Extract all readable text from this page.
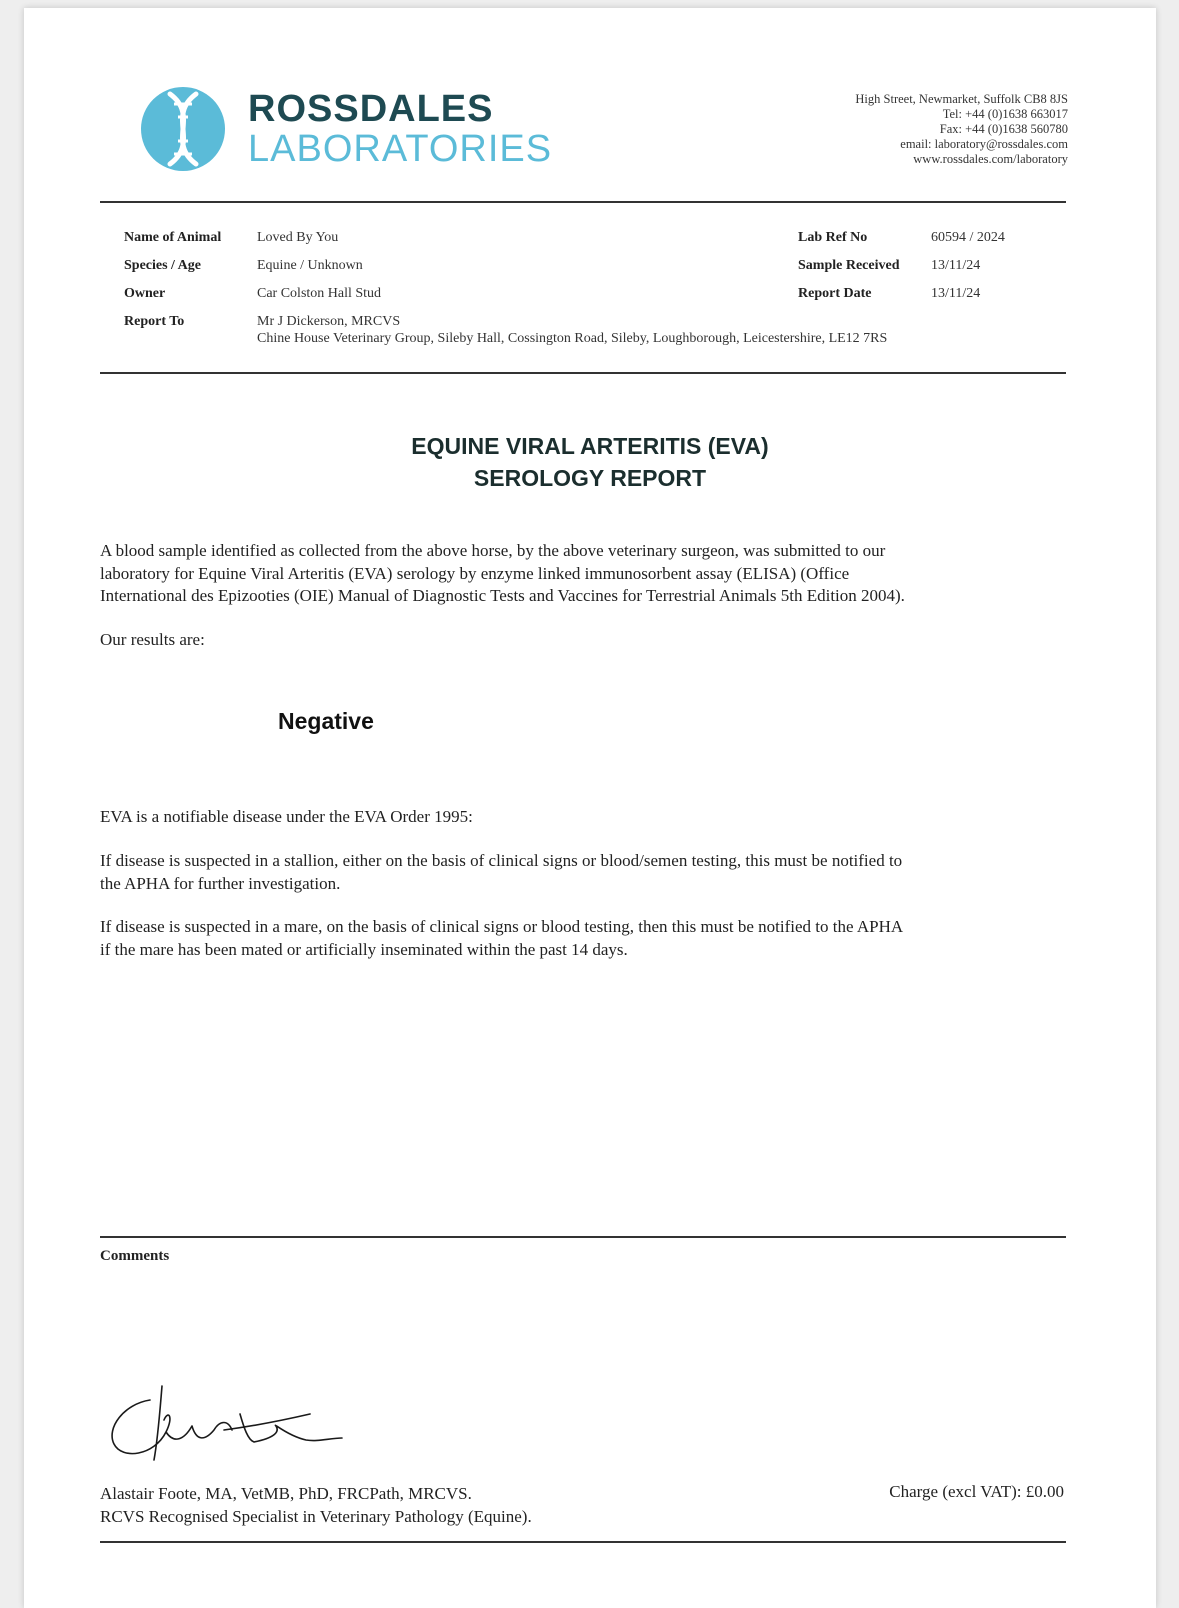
ROSSDALES
LABORATORIES
High Street, Newmarket, Suffolk CB8 8JS
Tel: +44 (0)1638 663017
Fax: +44 (0)1638 560780
email: laboratory@rossdales.com
www.rossdales.com/laboratory
Name of Animal	Loved By You
Species / Age	Equine / Unknown
Owner	Car Colston Hall Stud
Report To	Mr J Dickerson, MRCVS
Chine House Veterinary Group, Sileby Hall, Cossington Road, Sileby, Loughborough, Leicestershire, LE12 7RS
Lab Ref No	60594 / 2024
Sample Received 13/11/24
Report Date	13/11/24
EQUINE VIRAL ARTERITIS (EVA)
SEROLOGY REPORT
A blood sample identified as collected from the above horse, by the above veterinary surgeon, was submitted to our
laboratory for Equine Viral Arteritis (EVA) serology by enzyme linked immunosorbent assay (ELISA) (Office
International des Epizooties (OIE) Manual of Diagnostic Tests and Vaccines for Terrestrial Animals 5th Edition 2004).
Our results are:
Negative
EVA is a notifiable disease under the EVA Order 1995:
If disease is suspected in a stallion, either on the basis of clinical signs or blood/semen testing, this must be notified to
the APHA for further investigation.
If disease is suspected in a mare, on the basis of clinical signs or blood testing, then this must be notified to the APHA
if the mare has been mated or artificially inseminated within the past 14 days.
Comments
Alastair Foote, MA, VetMB, PhD, FRCPath, MRCVS.
RCVS Recognised Specialist in Veterinary Pathology (Equine).
Charge (excl VAT): £0.00
